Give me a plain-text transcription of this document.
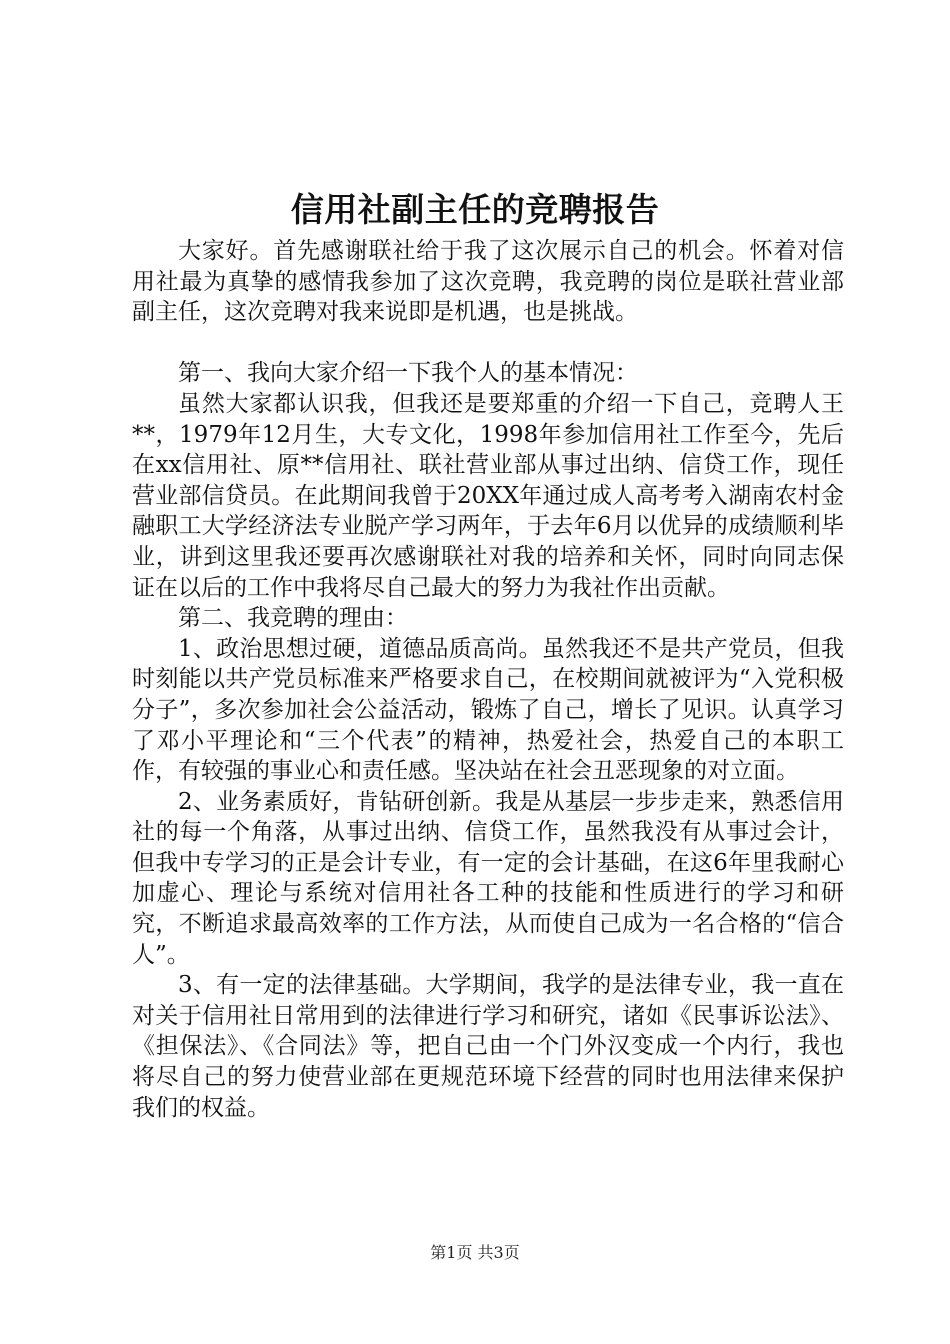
信用社副主任的竞聘报告

大家好。首先感谢联社给于我了这次展示自己的机会。怀着对信用社最为真挚的感情我参加了这次竞聘，我竞聘的岗位是联社营业部副主任，这次竞聘对我来说即是机遇，也是挑战。

第一、我向大家介绍一下我个人的基本情况：

虽然大家都认识我，但我还是要郑重的介绍一下自己，竞聘人王**，1979年12月生，大专文化，1998年参加信用社工作至今，先后在xx信用社、原**信用社、联社营业部从事过出纳、信贷工作，现任营业部信贷员。在此期间我曾于20XX年通过成人高考考入湖南农村金融职工大学经济法专业脱产学习两年，于去年6月以优异的成绩顺利毕业，讲到这里我还要再次感谢联社对我的培养和关怀，同时向同志保证在以后的工作中我将尽自己最大的努力为我社作出贡献。

第二、我竞聘的理由：

1、政治思想过硬，道德品质高尚。虽然我还不是共产党员，但我时刻能以共产党员标准来严格要求自己，在校期间就被评为“入党积极分子”，多次参加社会公益活动，锻炼了自己，增长了见识。认真学习了邓小平理论和“三个代表”的精神，热爱社会，热爱自己的本职工作，有较强的事业心和责任感。坚决站在社会丑恶现象的对立面。

2、业务素质好，肯钻研创新。我是从基层一步步走来，熟悉信用社的每一个角落，从事过出纳、信贷工作，虽然我没有从事过会计，但我中专学习的正是会计专业，有一定的会计基础，在这6年里我耐心加虚心、理论与系统对信用社各工种的技能和性质进行的学习和研究，不断追求最高效率的工作方法，从而使自己成为一名合格的“信合人”。

3、有一定的法律基础。大学期间，我学的是法律专业，我一直在对关于信用社日常用到的法律进行学习和研究，诸如《民事诉讼法》、《担保法》、《合同法》等，把自己由一个门外汉变成一个内行，我也将尽自己的努力使营业部在更规范环境下经营的同时也用法律来保护我们的权益。

第1页 共3页
